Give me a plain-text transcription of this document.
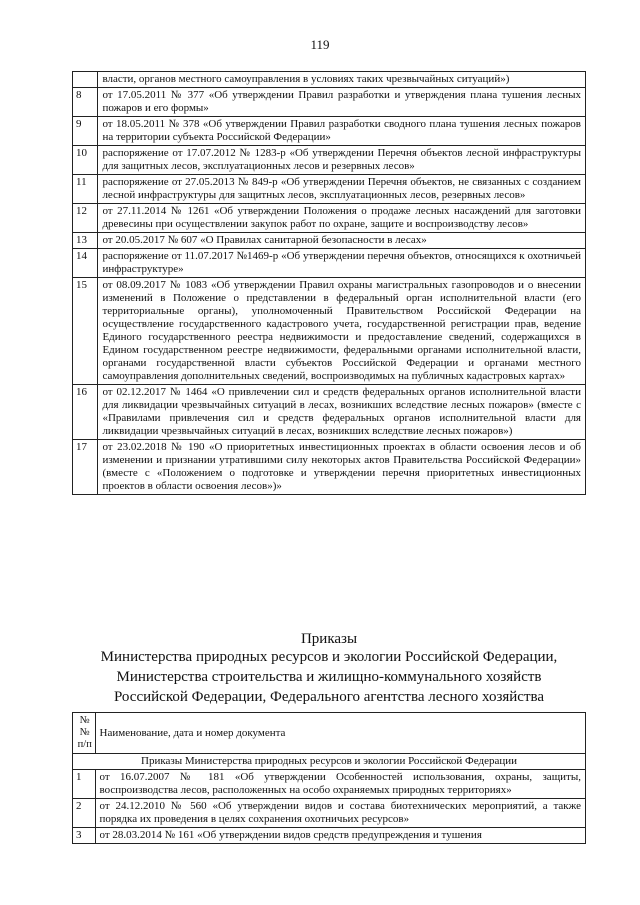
119
	власти, органов местного самоуправления в условиях таких чрезвычайных ситуаций»)
8	от 17.05.2011 № 377 «Об утверждении Правил разработки и утверждения плана тушения лесных пожаров и его формы»
9	от 18.05.2011 № 378 «Об утверждении Правил разработки сводного плана тушения лесных пожаров на территории субъекта Российской Федерации»
10	распоряжение от 17.07.2012 № 1283-р «Об утверждении Перечня объектов лесной инфраструктуры для защитных лесов, эксплуатационных лесов и резервных лесов»
11	распоряжение от 27.05.2013 № 849-р «Об утверждении Перечня объектов, не связанных с созданием лесной инфраструктуры для защитных лесов, эксплуатационных лесов, резервных лесов»
12	от 27.11.2014 № 1261 «Об утверждении Положения о продаже лесных насаждений для заготовки древесины при осуществлении закупок работ по охране, защите и воспроизводству лесов»
13	от 20.05.2017 № 607 «О Правилах санитарной безопасности в лесах»
14	распоряжение от 11.07.2017 №1469-р «Об утверждении перечня объектов, относящихся к охотничьей инфраструктуре»
15	от 08.09.2017 № 1083 «Об утверждении Правил охраны магистральных газопроводов и о внесении изменений в Положение о представлении в федеральный орган исполнительной власти (его территориальные органы), уполномоченный Правительством Российской Федерации на осуществление государственного кадастрового учета, государственной регистрации прав, ведение Единого государственного реестра недвижимости и предоставление сведений, содержащихся в Едином государственном реестре недвижимости, федеральными органами исполнительной власти, органами государственной власти субъектов Российской Федерации и органами местного самоуправления дополнительных сведений, воспроизводимых на публичных кадастровых картах»
16	от 02.12.2017 № 1464 «О привлечении сил и средств федеральных органов исполнительной власти для ликвидации чрезвычайных ситуаций в лесах, возникших вследствие лесных пожаров» (вместе с «Правилами привлечения сил и средств федеральных органов исполнительной власти для ликвидации чрезвычайных ситуаций в лесах, возникших вследствие лесных пожаров»)
17	от 23.02.2018 № 190 «О приоритетных инвестиционных проектах в области освоения лесов и об изменении и признании утратившими силу некоторых актов Правительства Российской Федерации» (вместе с «Положением о подготовке и утверждении перечня приоритетных инвестиционных проектов в области освоения лесов»)»
Приказы
Министерства природных ресурсов и экологии Российской Федерации,
Министерства строительства и жилищно-коммунального хозяйств
Российской Федерации, Федерального агентства лесного хозяйства
№№ п/п	Наименование, дата и номер документа
Приказы Министерства природных ресурсов и экологии Российской Федерации	
1	от 16.07.2007 № 181 «Об утверждении Особенностей использования, охраны, защиты, воспроизводства лесов, расположенных на особо охраняемых природных территориях»
2	от 24.12.2010 № 560 «Об утверждении видов и состава биотехнических мероприятий, а также порядка их проведения в целях сохранения охотничьих ресурсов»
3	от 28.03.2014 № 161 «Об утверждении видов средств предупреждения и тушения
